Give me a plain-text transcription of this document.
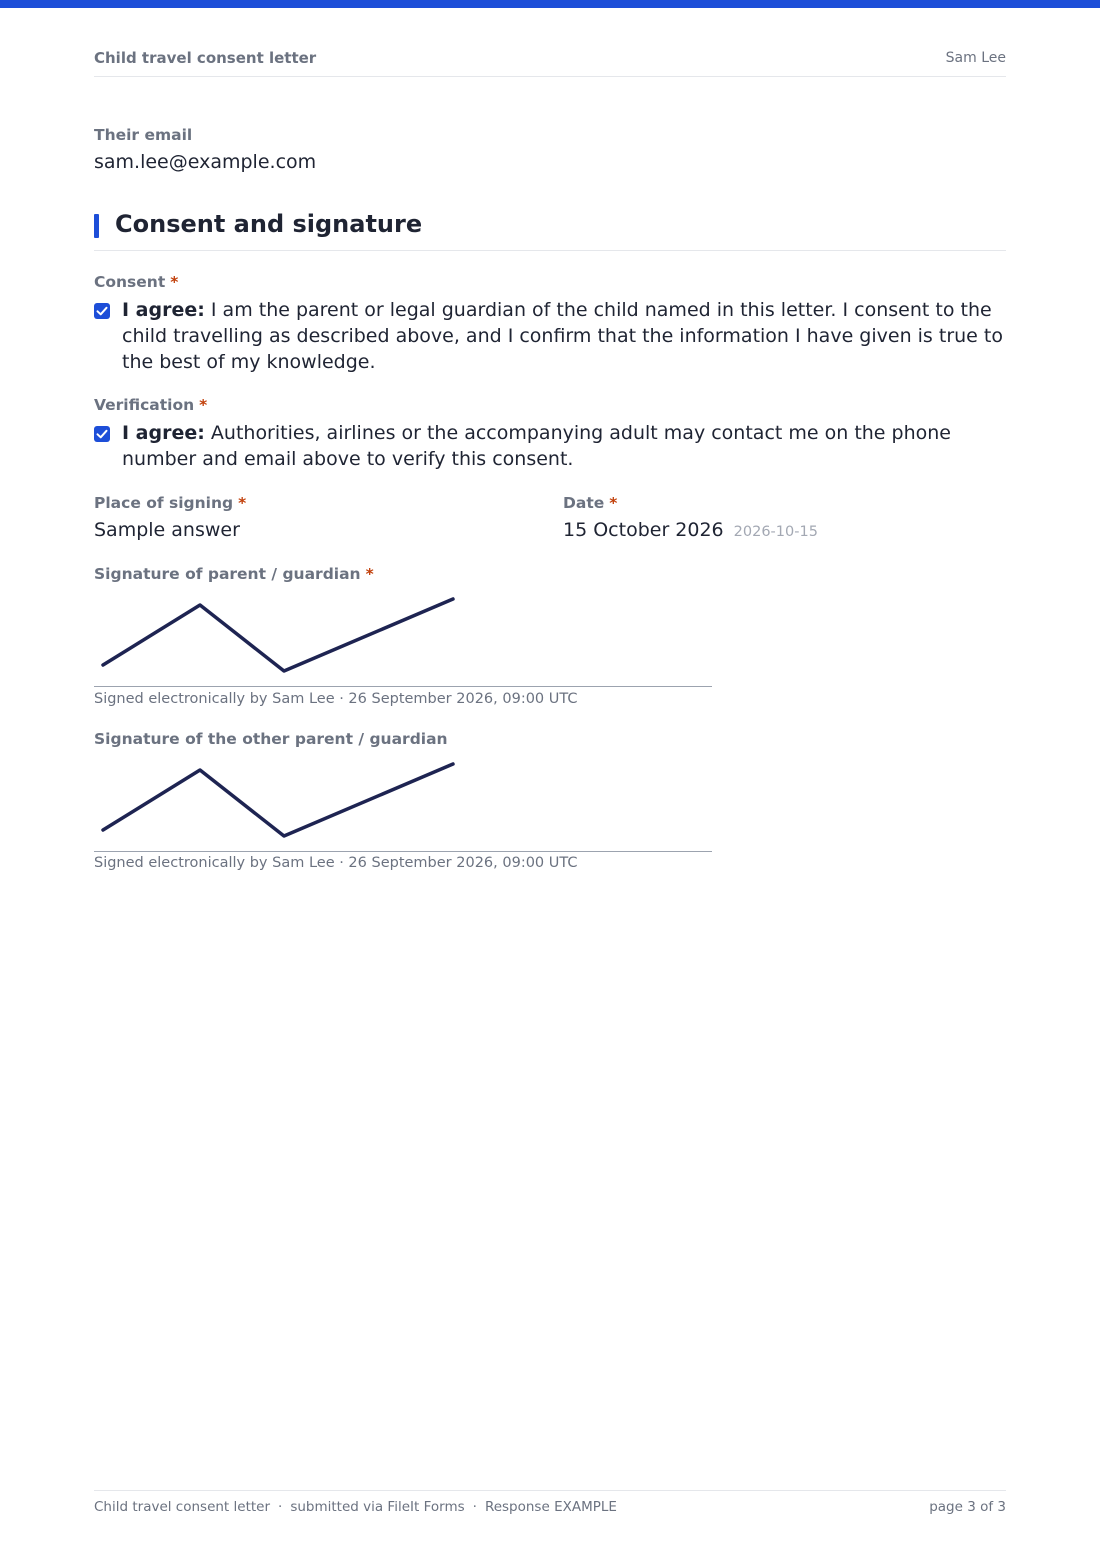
Child travel consent letter	Sam Lee
Their email
sam.lee@example.com
Consent and signature
Consent *
I agree: I am the parent or legal guardian of the child named in this letter. I consent to the child travelling as described above, and I confirm that the information I have given is true to the best of my knowledge.
Verification *
I agree: Authorities, airlines or the accompanying adult may contact me on the phone number and email above to verify this consent.
Place of signing *
Sample answer
Date *
15 October 2026 2026-10-15
Signature of parent / guardian *
Signed electronically by Sam Lee · 26 September 2026, 09:00 UTC
Signature of the other parent / guardian
Signed electronically by Sam Lee · 26 September 2026, 09:00 UTC
Child travel consent letter · submitted via FileIt Forms · Response EXAMPLE	page 3 of 3
